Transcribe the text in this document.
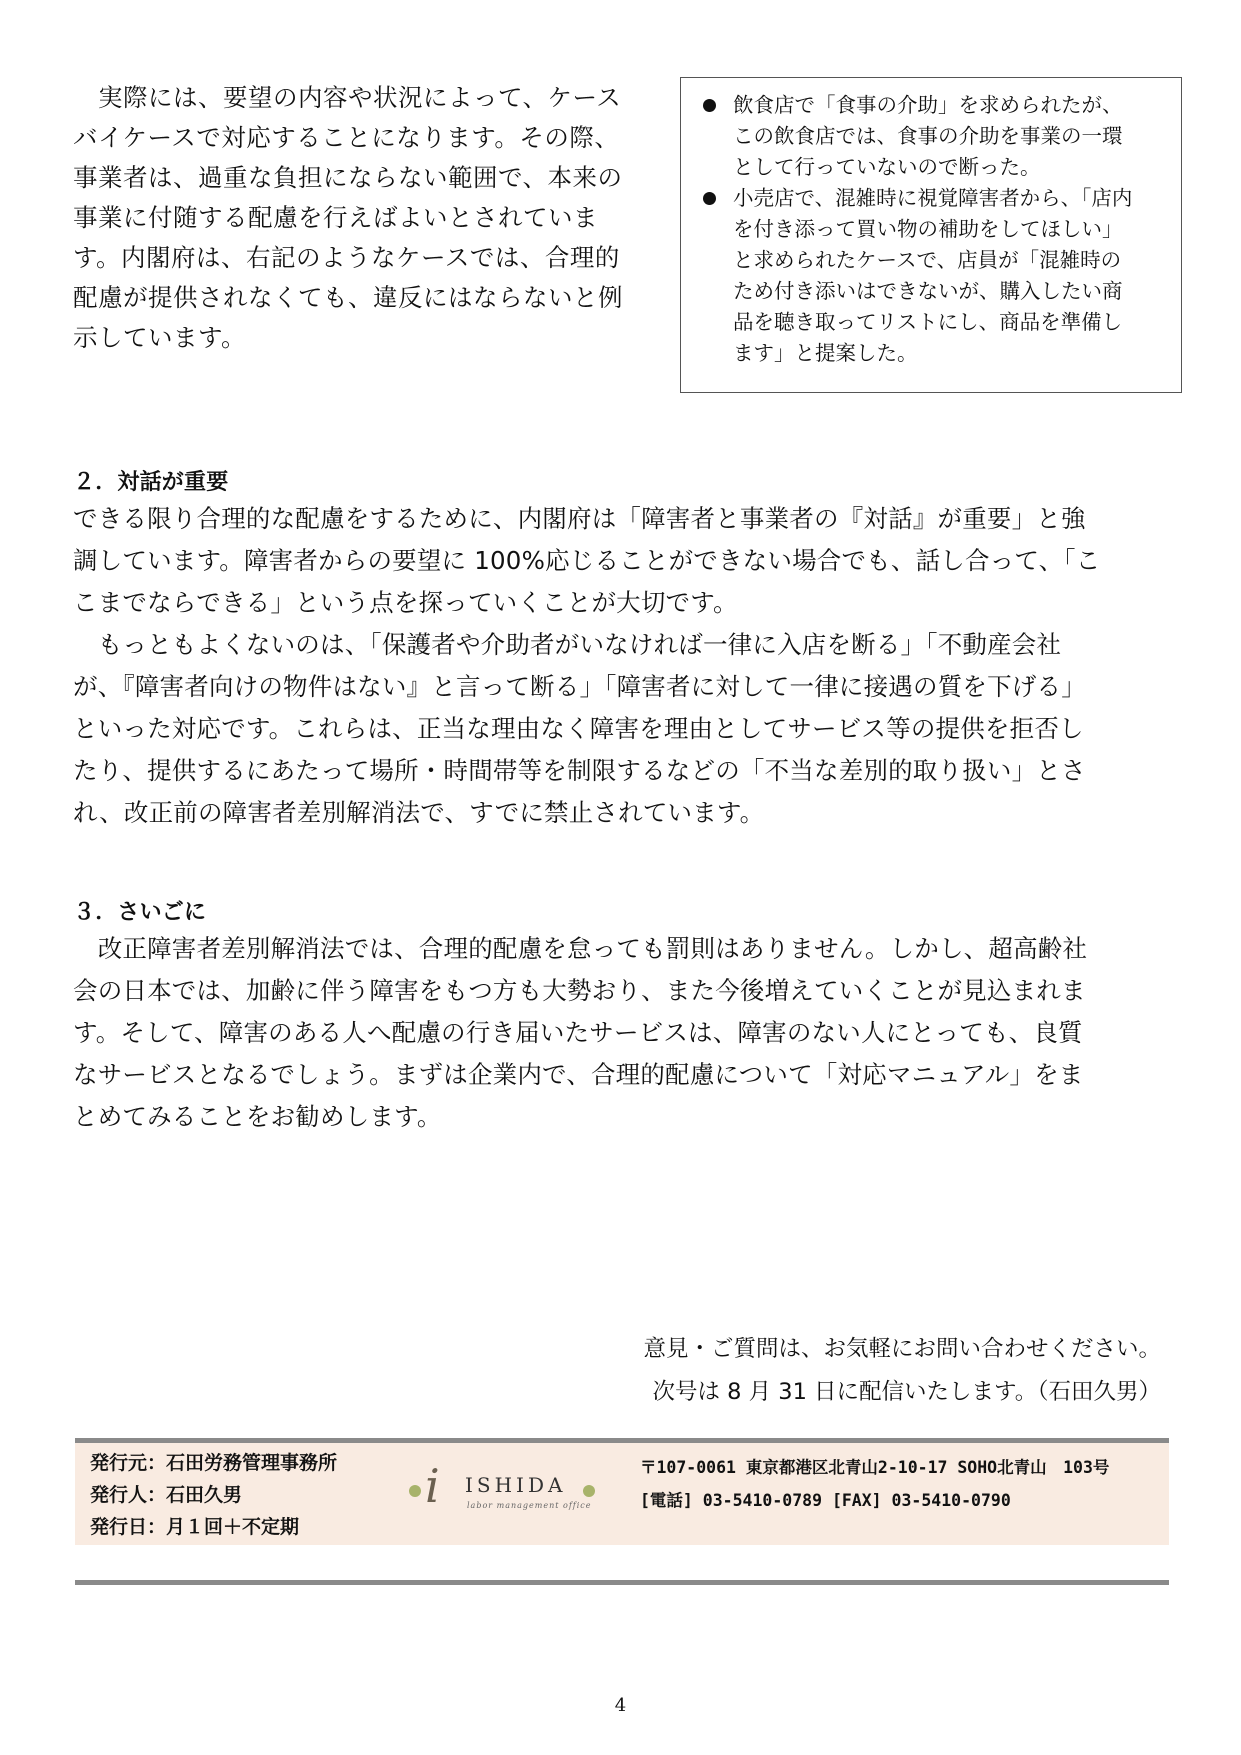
　実際には、要望の内容や状況によって、ケース

バイケースで対応することになります。その際、

事業者は、過重な負担にならない範囲で、本来の

事業に付随する配慮を行えばよいとされていま

す。内閣府は、右記のようなケースでは、合理的

配慮が提供されなくても、違反にはならないと例

示しています。

飲食店で「食事の介助」を求められたが、
この飲食店では、食事の介助を事業の一環
として行っていないので断った。
小売店で、混雑時に視覚障害者から、「店内
を付き添って買い物の補助をしてほしい」
と求められたケースで、店員が「混雑時の
ため付き添いはできないが、購入したい商
品を聴き取ってリストにし、商品を準備し
ます」と提案した。
２．対話が重要

できる限り合理的な配慮をするために、内閣府は「障害者と事業者の『対話』が重要」と強

調しています。障害者からの要望に 100%応じることができない場合でも、話し合って、「こ

こまでならできる」という点を探っていくことが大切です。

　もっともよくないのは、「保護者や介助者がいなければ一律に入店を断る」「不動産会社

が、『障害者向けの物件はない』と言って断る」「障害者に対して一律に接遇の質を下げる」

といった対応です。これらは、正当な理由なく障害を理由としてサービス等の提供を拒否し

たり、提供するにあたって場所・時間帯等を制限するなどの「不当な差別的取り扱い」とさ

れ、改正前の障害者差別解消法で、すでに禁止されています。

３．さいごに

　改正障害者差別解消法では、合理的配慮を怠っても罰則はありません。しかし、超高齢社

会の日本では、加齢に伴う障害をもつ方も大勢おり、また今後増えていくことが見込まれま

す。そして、障害のある人へ配慮の行き届いたサービスは、障害のない人にとっても、良質

なサービスとなるでしょう。まずは企業内で、合理的配慮について「対応マニュアル」をま

とめてみることをお勧めします。

意見・ご質問は、お気軽にお問い合わせください。
次号は 8 月 31 日に配信いたします。（石田久男）
発行元：石田労務管理事務所
発行人：石田久男
発行日：月１回＋不定期
i ISHIDA
labor management office
〒107-0061 東京都港区北青山2-10-17 SOHO北青山　103号
[電話] 03-5410-0789 [FAX] 03-5410-0790
4
